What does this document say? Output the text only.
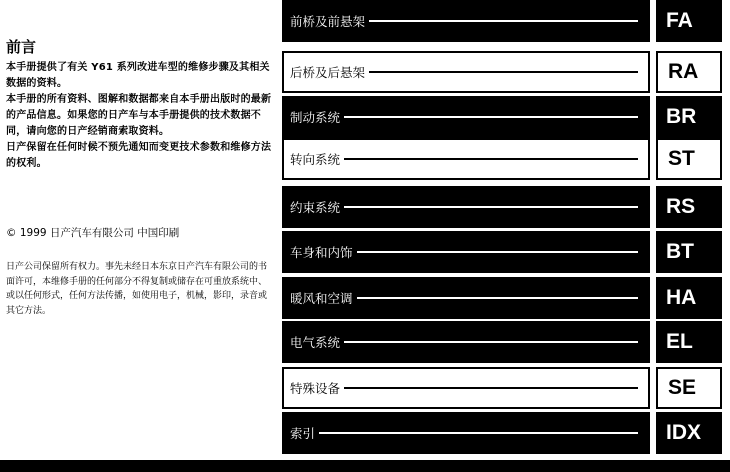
前言

本手册提供了有关 Y61 系列改进车型的维修步骤及其相关数据的资料。

本手册的所有资料、图解和数据都来自本手册出版时的最新的产品信息。如果您的日产车与本手册提供的技术数据不同，请向您的日产经销商索取资料。

日产保留在任何时候不预先通知而变更技术参数和维修方法的权利。

© 1999 日产汽车有限公司 中国印刷
日产公司保留所有权力。事先未经日本东京日产汽车有限公司的书面许可，本维修手册的任何部分不得复制或储存在可重放系统中、或以任何形式，任何方法传播，如使用电子，机械，影印，录音或其它方法。
前桥及前悬架	FA
后桥及后悬架	RA
制动系统	BR
转向系统	ST
约束系统	RS
车身和内饰	BT
暖风和空调	HA
电气系统	EL
特殊设备	SE
索引	IDX
